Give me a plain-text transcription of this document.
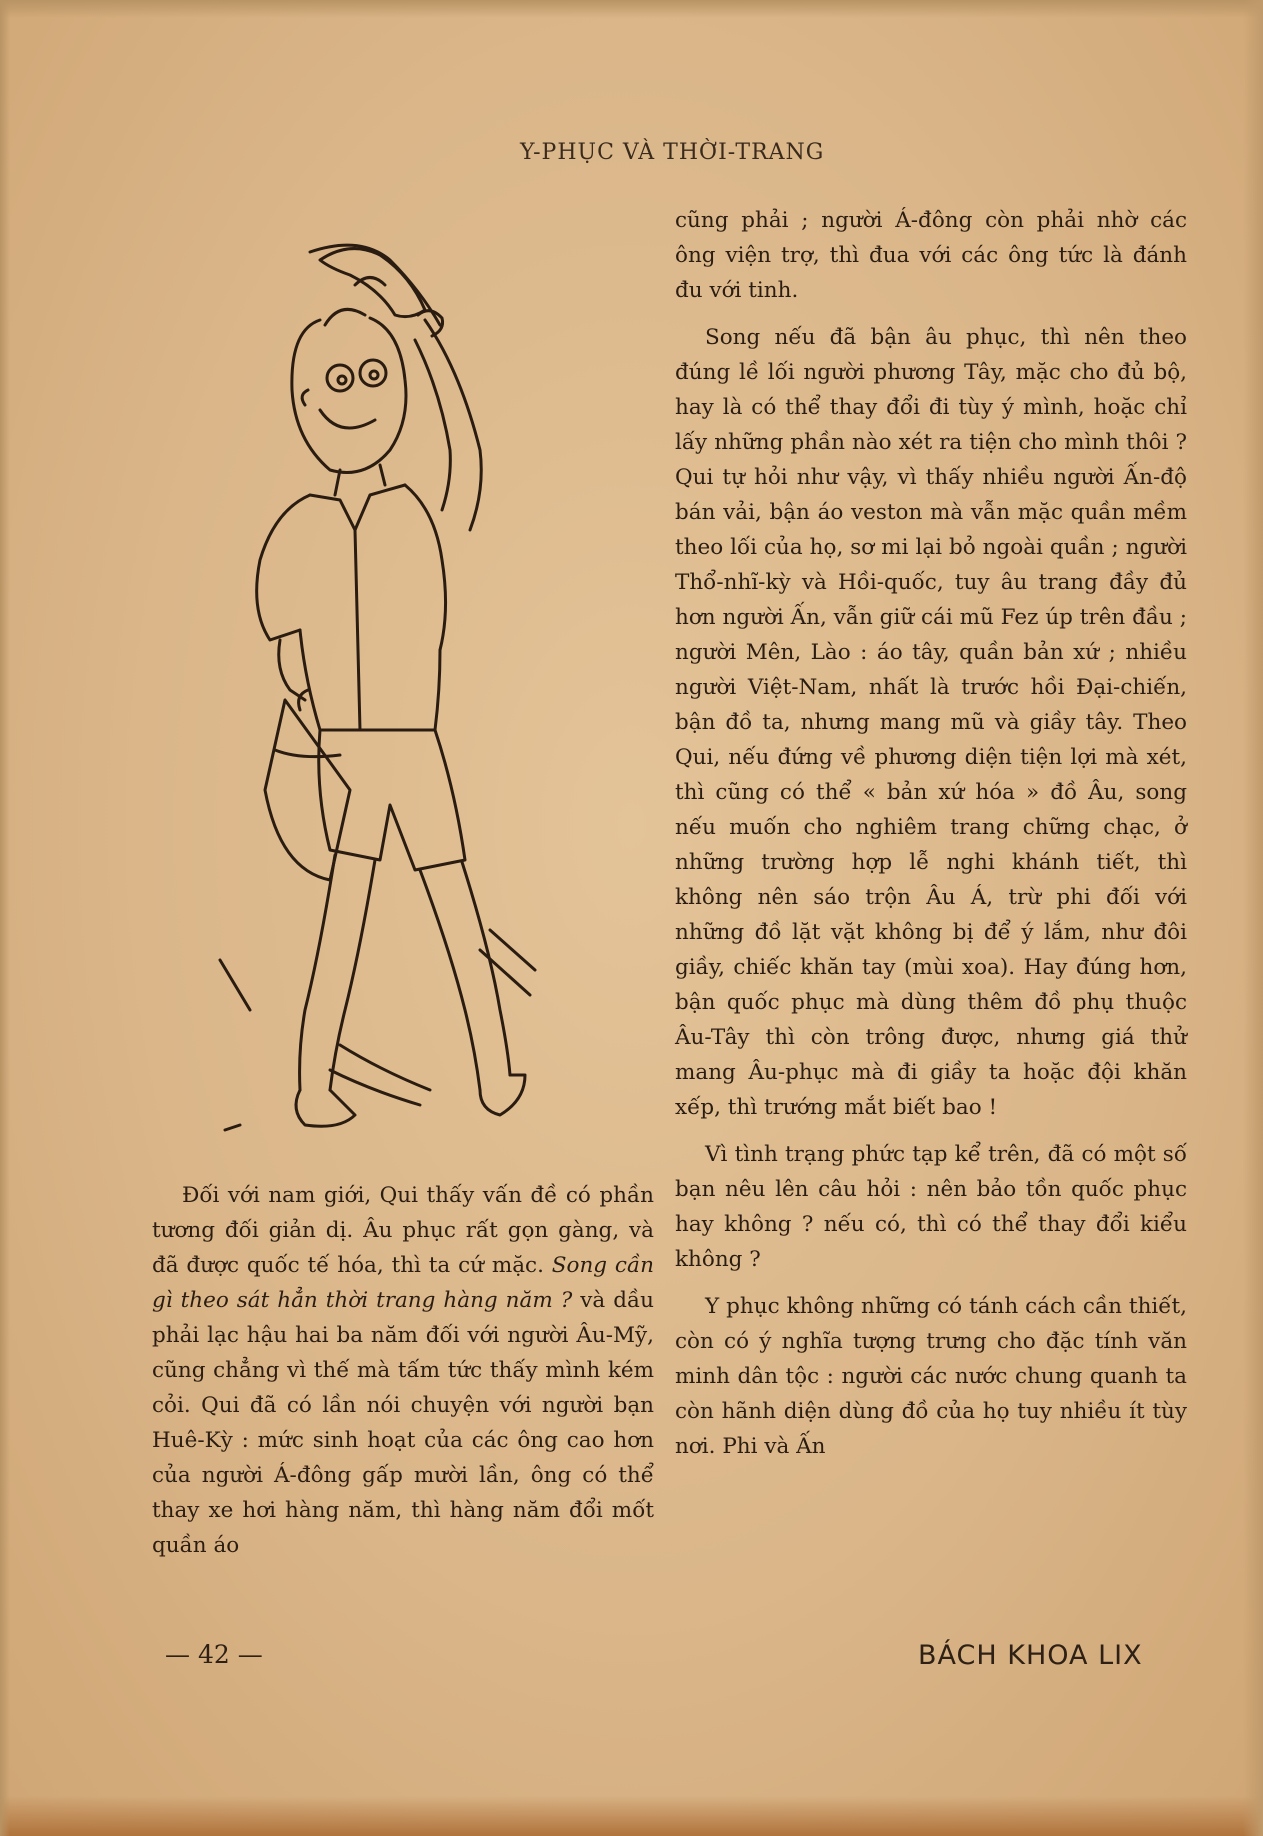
Y-PHỤC VÀ THỜI-TRANG

cũng phải ; người Á-đông còn phải nhờ các ông viện trợ, thì đua với các ông tức là đánh đu với tinh.

Song nếu đã bận âu phục, thì nên theo đúng lề lối người phương Tây, mặc cho đủ bộ, hay là có thể thay đổi đi tùy ý mình, hoặc chỉ lấy những phần nào xét ra tiện cho mình thôi ? Qui tự hỏi như vậy, vì thấy nhiều người Ấn-độ bán vải, bận áo veston mà vẫn mặc quần mềm theo lối của họ, sơ mi lại bỏ ngoài quần ; người Thổ-nhĩ-kỳ và Hồi-quốc, tuy âu trang đầy đủ hơn người Ấn, vẫn giữ cái mũ Fez úp trên đầu ; người Mên, Lào : áo tây, quần bản xứ ; nhiều người Việt-Nam, nhất là trước hồi Đại-chiến, bận đồ ta, nhưng mang mũ và giầy tây. Theo Qui, nếu đứng về phương diện tiện lợi mà xét, thì cũng có thể « bản xứ hóa » đồ Âu, song nếu muốn cho nghiêm trang chững chạc, ở những trường hợp lễ nghi khánh tiết, thì không nên sáo trộn Âu Á, trừ phi đối với những đồ lặt vặt không bị để ý lắm, như đôi giầy, chiếc khăn tay (mùi xoa). Hay đúng hơn, bận quốc phục mà dùng thêm đồ phụ thuộc Âu-Tây thì còn trông được, nhưng giá thử mang Âu-phục mà đi giầy ta hoặc đội khăn xếp, thì trướng mắt biết bao !

Vì tình trạng phức tạp kể trên, đã có một số bạn nêu lên câu hỏi : nên bảo tồn quốc phục hay không ? nếu có, thì có thể thay đổi kiểu không ?

Y phục không những có tánh cách cần thiết, còn có ý nghĩa tượng trưng cho đặc tính văn minh dân tộc : người các nước chung quanh ta còn hãnh diện dùng đồ của họ tuy nhiều ít tùy nơi. Phi và Ấn

Đối với nam giới, Qui thấy vấn đề có phần tương đối giản dị. Âu phục rất gọn gàng, và đã được quốc tế hóa, thì ta cứ mặc. Song cần gì theo sát hẳn thời trang hàng năm ? và dầu phải lạc hậu hai ba năm đối với người Âu-Mỹ, cũng chẳng vì thế mà tấm tức thấy mình kém cỏi. Qui đã có lần nói chuyện với người bạn Huê-Kỳ : mức sinh hoạt của các ông cao hơn của người Á-đông gấp mười lần, ông có thể thay xe hơi hàng năm, thì hàng năm đổi mốt quần áo

— 42 —	BÁCH KHOA LIX
